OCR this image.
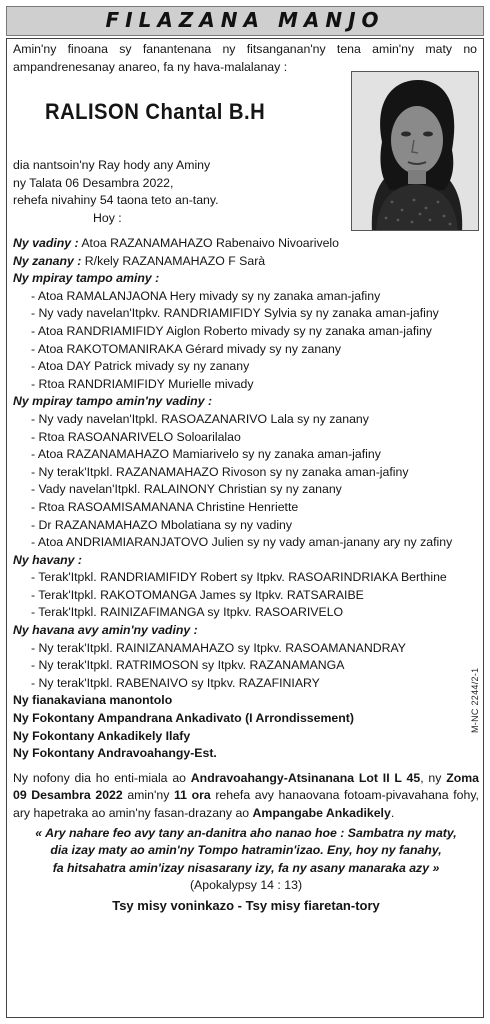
FILAZANA MANJO

Amin'ny finoana sy fanantenana ny fitsanganan'ny tena amin'ny maty no ampandrenesanay anareo, fa ny hava-malalanay :

RALISON Chantal B.H
dia nantsoin'ny Ray hody any Aminy
ny Talata 06 Desambra 2022,
rehefa nivahiny 54 taona teto an-tany.
Hoy :
Ny vadiny : Atoa RAZANAMAHAZO Rabenaivo Nivoarivelo
Ny zanany : R/kely RAZANAMAHAZO F Sarà
Ny mpiray tampo aminy :
- Atoa RAMALANJAONA Hery mivady sy ny zanaka aman-jafiny
- Ny vady navelan'Itpkv. RANDRIAMIFIDY Sylvia sy ny zanaka aman-jafiny
- Atoa RANDRIAMIFIDY Aiglon Roberto mivady sy ny zanaka aman-jafiny
- Atoa RAKOTOMANIRAKA Gérard mivady sy ny zanany
- Atoa DAY Patrick mivady sy ny zanany
- Rtoa RANDRIAMIFIDY Murielle mivady
Ny mpiray tampo amin'ny vadiny :
- Ny vady navelan'Itpkl. RASOAZANARIVO Lala sy ny zanany
- Rtoa RASOANARIVELO Soloarilalao
- Atoa RAZANAMAHAZO Mamiarivelo sy ny zanaka aman-jafiny
- Ny terak'Itpkl. RAZANAMAHAZO Rivoson sy ny zanaka aman-jafiny
- Vady navelan'Itpkl. RALAINONY Christian sy ny zanany
- Rtoa RASOAMISAMANANA Christine Henriette
- Dr RAZANAMAHAZO Mbolatiana sy ny vadiny
- Atoa ANDRIAMIARANJATOVO Julien sy ny vady aman-janany ary ny zafiny
Ny havany :
- Terak'Itpkl. RANDRIAMIFIDY Robert sy Itpkv. RASOARINDRIAKA Berthine
- Terak'Itpkl. RAKOTOMANGA James sy Itpkv. RATSARAIBE
- Terak'Itpkl. RAINIZAFIMANGA sy Itpkv. RASOARIVELO
Ny havana avy amin'ny vadiny :
- Ny terak'Itpkl. RAINIZANAMAHAZO sy Itpkv. RASOAMANANDRAY
- Ny terak'Itpkl. RATRIMOSON sy Itpkv. RAZANAMANGA
- Ny terak'Itpkl. RABENAIVO sy Itpkv. RAZAFINIARY
Ny fianakaviana manontolo
Ny Fokontany Ampandrana Ankadivato (I Arrondissement)
Ny Fokontany Ankadikely Ilafy
Ny Fokontany Andravoahangy-Est.

Ny nofony dia ho enti-miala ao Andravoahangy-Atsinanana Lot II L 45, ny Zoma 09 Desambra 2022 amin'ny 11 ora rehefa avy hanaovana fotoam-pivavahana fohy, ary hapetraka ao amin'ny fasan-drazany ao Ampangabe Ankadikely.

« Ary nahare feo avy tany an-danitra aho nanao hoe : Sambatra ny maty,
dia izay maty ao amin'ny Tompo hatramin'izao. Eny, hoy ny fanahy,
fa hitsahatra amin'izay nisasarany izy, fa ny asany manaraka azy »
(Apokalypsy 14 : 13)
Tsy misy voninkazo - Tsy misy fiaretan-tory
M-NC 2244/2-1
